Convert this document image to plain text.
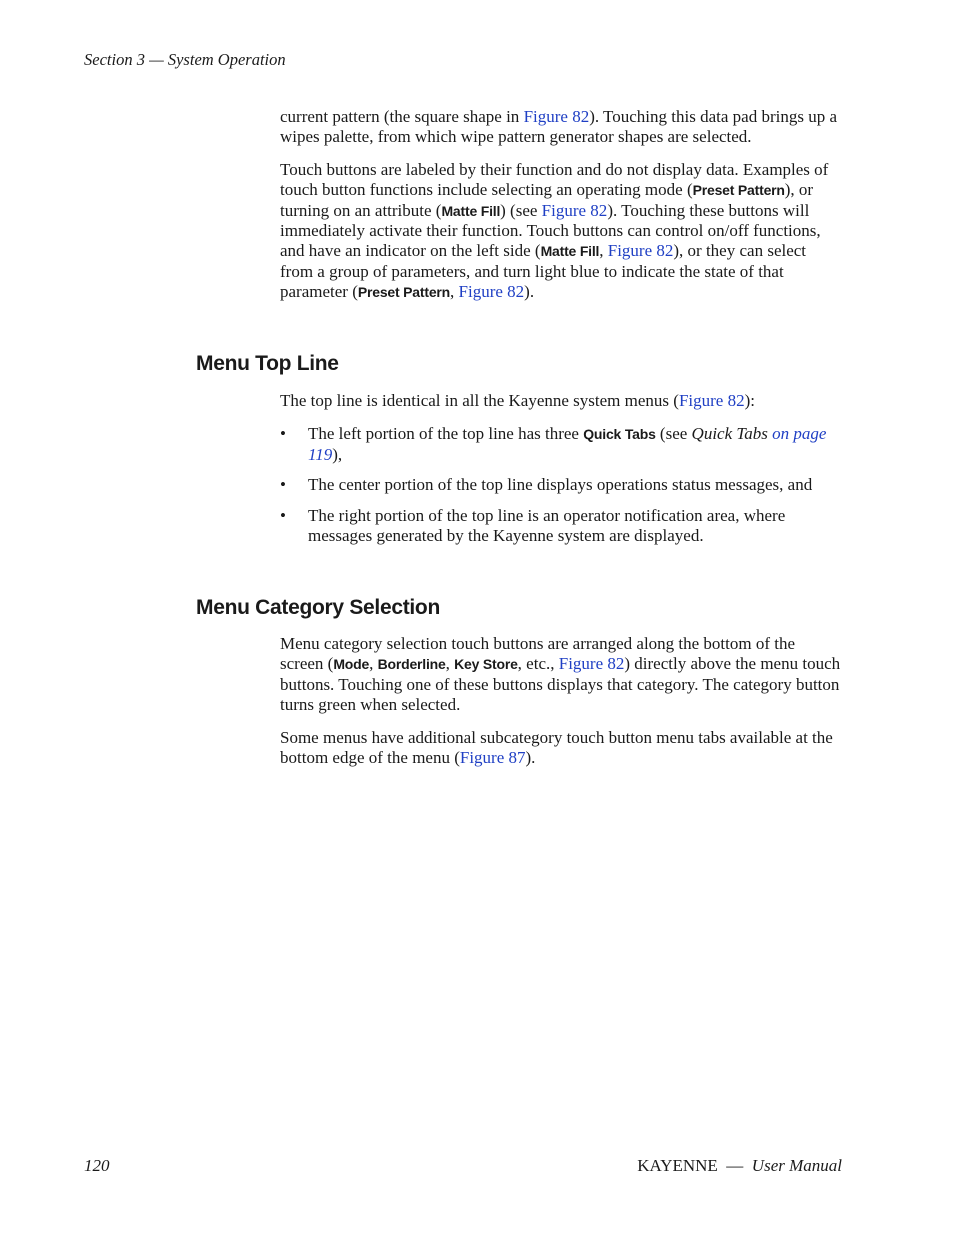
Section 3 — System Operation

current pattern (the square shape in Figure 82). Touching this data pad brings up a wipes palette, from which wipe pattern generator shapes are selected.

Touch buttons are labeled by their function and do not display data. Examples of touch button functions include selecting an operating mode (Preset Pattern), or turning on an attribute (Matte Fill) (see Figure 82). Touching these buttons will immediately activate their function. Touch buttons can control on/off functions, and have an indicator on the left side (Matte Fill, Figure 82), or they can select from a group of parameters, and turn light blue to indicate the state of that parameter (Preset Pattern, Figure 82).

Menu Top Line

The top line is identical in all the Kayenne system menus (Figure 82):

• The left portion of the top line has three Quick Tabs (see Quick Tabs on page 119),
• The center portion of the top line displays operations status messages, and
• The right portion of the top line is an operator notification area, where messages generated by the Kayenne system are displayed.
Menu Category Selection

Menu category selection touch buttons are arranged along the bottom of the screen (Mode, Borderline, Key Store, etc., Figure 82) directly above the menu touch buttons. Touching one of these buttons displays that category. The category button turns green when selected.

Some menus have additional subcategory touch button menu tabs available at the bottom edge of the menu (Figure 87).

120	KAYENNE — User Manual
